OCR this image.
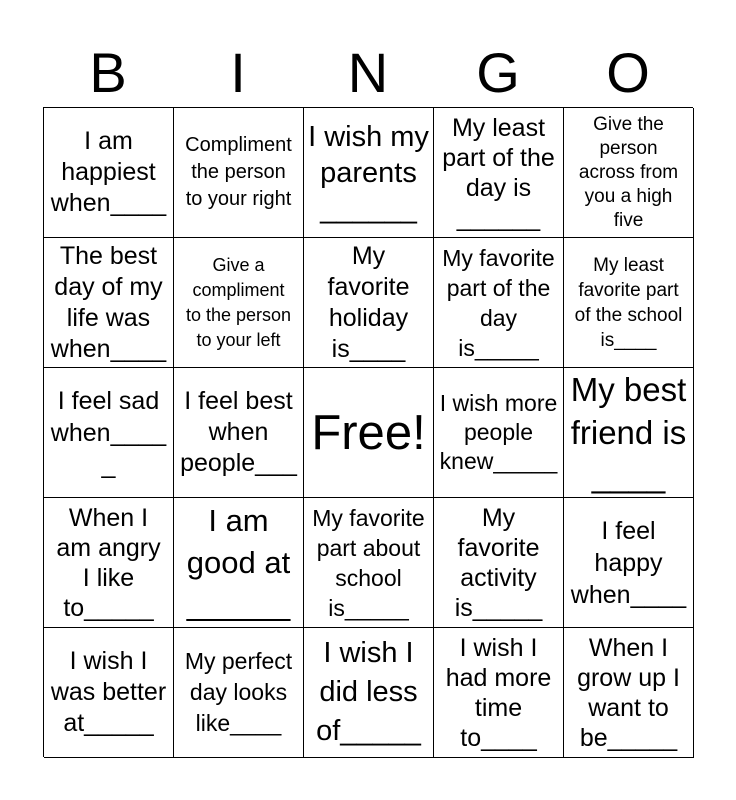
B	I	N	G	O
I am
happiest
when____
Compliment
the person
to your right
I wish my
parents
______
My least
part of the
day is
______
Give the
person
across from
you a high
five
The best
day of my
life was
when____
Give a
compliment
to the person
to your left
My
favorite
holiday
is____
My favorite
part of the
day
is_____
My least
favorite part
of the school
is____
I feel sad
when_____
I feel best
when
people___
Free!
I wish more
people
knew_____
My best
friend is
____
When I
am angry
I like
to_____
I am
good at
______
My favorite
part about
school
is_____
My
favorite
activity
is_____
I feel
happy
when____
I wish I
was better
at_____
My perfect
day looks
like____
I wish I
did less
of_____
I wish I
had more
time
to____
When I
grow up I
want to
be_____
